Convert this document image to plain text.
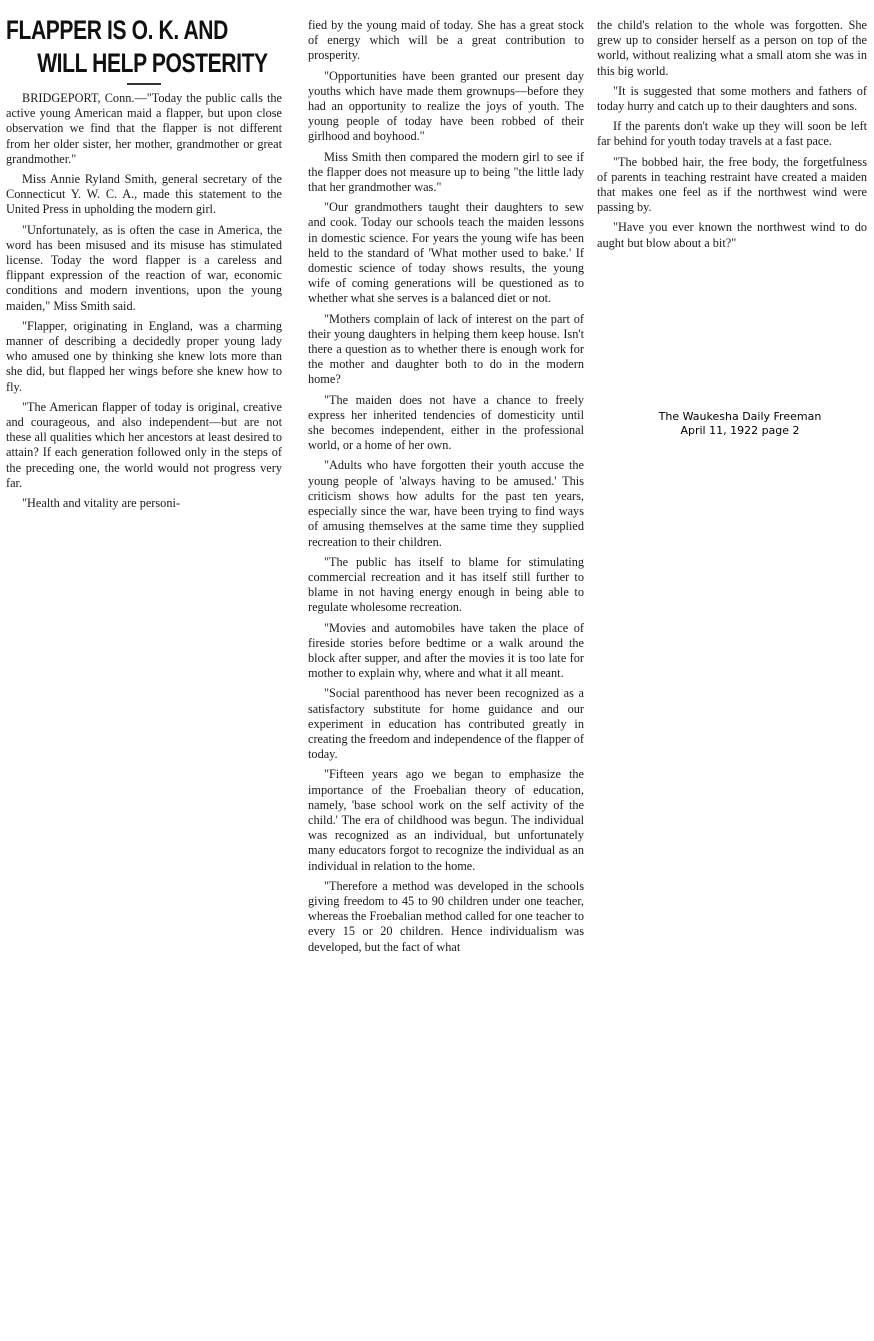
FLAPPER IS O. K. AND
WILL HELP POSTERITY

BRIDGEPORT, Conn.—"Today the public calls the active young American maid a flapper, but upon close observation we find that the flapper is not different from her older sister, her mother, grandmother or great grandmother."

Miss Annie Ryland Smith, general secretary of the Connecticut Y. W. C. A., made this statement to the United Press in upholding the modern girl.

"Unfortunately, as is often the case in America, the word has been misused and its misuse has stimulated license. Today the word flapper is a careless and flippant expression of the reaction of war, economic conditions and modern inventions, upon the young maiden," Miss Smith said.

"Flapper, originating in England, was a charming manner of describing a decidedly proper young lady who amused one by thinking she knew lots more than she did, but flapped her wings before she knew how to fly.

"The American flapper of today is original, creative and courageous, and also independent—but are not these all qualities which her ancestors at least desired to attain? If each generation followed only in the steps of the preceding one, the world would not progress very far.

"Health and vitality are personi-

fied by the young maid of today. She has a great stock of energy which will be a great contribution to prosperity.

"Opportunities have been granted our present day youths which have made them grownups—before they had an opportunity to realize the joys of youth. The young people of today have been robbed of their girlhood and boyhood."

Miss Smith then compared the modern girl to see if the flapper does not measure up to being "the little lady that her grandmother was."

"Our grandmothers taught their daughters to sew and cook. Today our schools teach the maiden lessons in domestic science. For years the young wife has been held to the standard of 'What mother used to bake.' If domestic science of today shows results, the young wife of coming generations will be questioned as to whether what she serves is a balanced diet or not.

"Mothers complain of lack of interest on the part of their young daughters in helping them keep house. Isn't there a question as to whether there is enough work for the mother and daughter both to do in the modern home?

"The maiden does not have a chance to freely express her inherited tendencies of domesticity until she becomes independent, either in the professional world, or a home of her own.

"Adults who have forgotten their youth accuse the young people of 'always having to be amused.' This criticism shows how adults for the past ten years, especially since the war, have been trying to find ways of amusing themselves at the same time they supplied recreation to their children.

"The public has itself to blame for stimulating commercial recreation and it has itself still further to blame in not having energy enough in being able to regulate wholesome recreation.

"Movies and automobiles have taken the place of fireside stories before bedtime or a walk around the block after supper, and after the movies it is too late for mother to explain why, where and what it all meant.

"Social parenthood has never been recognized as a satisfactory substitute for home guidance and our experiment in education has contributed greatly in creating the freedom and independence of the flapper of today.

"Fifteen years ago we began to emphasize the importance of the Froebalian theory of education, namely, 'base school work on the self activity of the child.' The era of childhood was begun. The individual was recognized as an individual, but unfortunately many educators forgot to recognize the individual as an individual in relation to the home.

"Therefore a method was developed in the schools giving freedom to 45 to 90 children under one teacher, whereas the Froebalian method called for one teacher to every 15 or 20 children. Hence individualism was developed, but the fact of what

the child's relation to the whole was forgotten. She grew up to consider herself as a person on top of the world, without realizing what a small atom she was in this big world.

"It is suggested that some mothers and fathers of today hurry and catch up to their daughters and sons.

If the parents don't wake up they will soon be left far behind for youth today travels at a fast pace.

"The bobbed hair, the free body, the forgetfulness of parents in teaching restraint have created a maiden that makes one feel as if the northwest wind were passing by.

"Have you ever known the northwest wind to do aught but blow about a bit?"

The Waukesha Daily Freeman
April 11, 1922 page 2
